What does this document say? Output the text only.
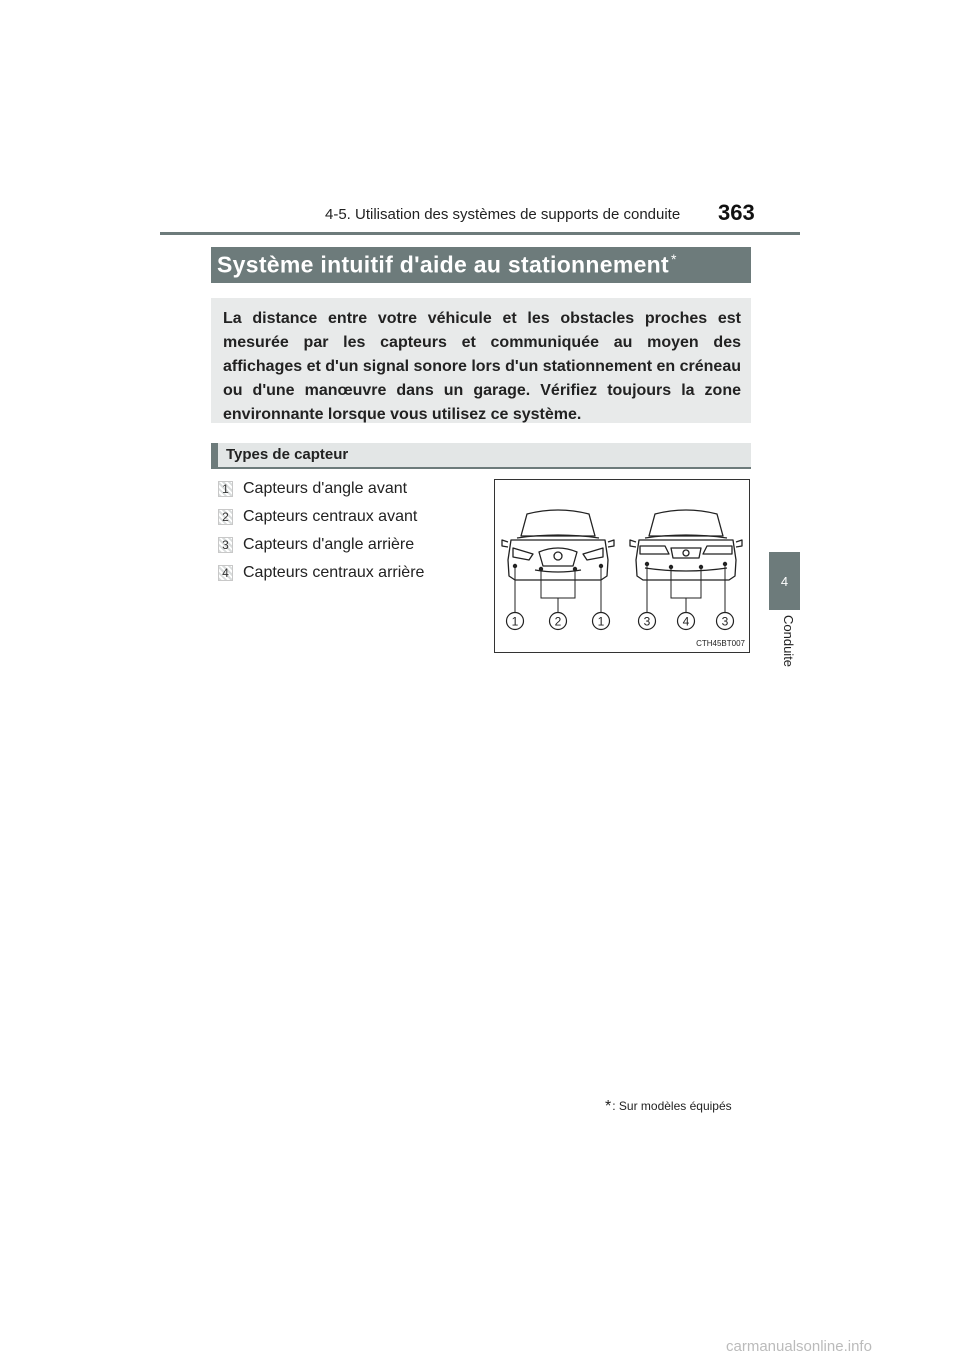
4-5. Utilisation des systèmes de supports de conduite 363
4
Conduite
Système intuitif d'aide au stationnement *
La distance entre votre véhicule et les obstacles proches est mesurée par les capteurs et communiquée au moyen des affichages et d'un signal sonore lors d'un stationnement en créneau ou d'une manœuvre dans un garage. Vérifiez toujours la zone environnante lorsque vous utilisez ce système.
Types de capteur
1 Capteurs d'angle avant
2 Capteurs centraux avant
3 Capteurs d'angle arrière
4 Capteurs centraux arrière
1	2	1	3	4	3
CTH45BT007
*: Sur modèles équipés
carmanualsonline.info
